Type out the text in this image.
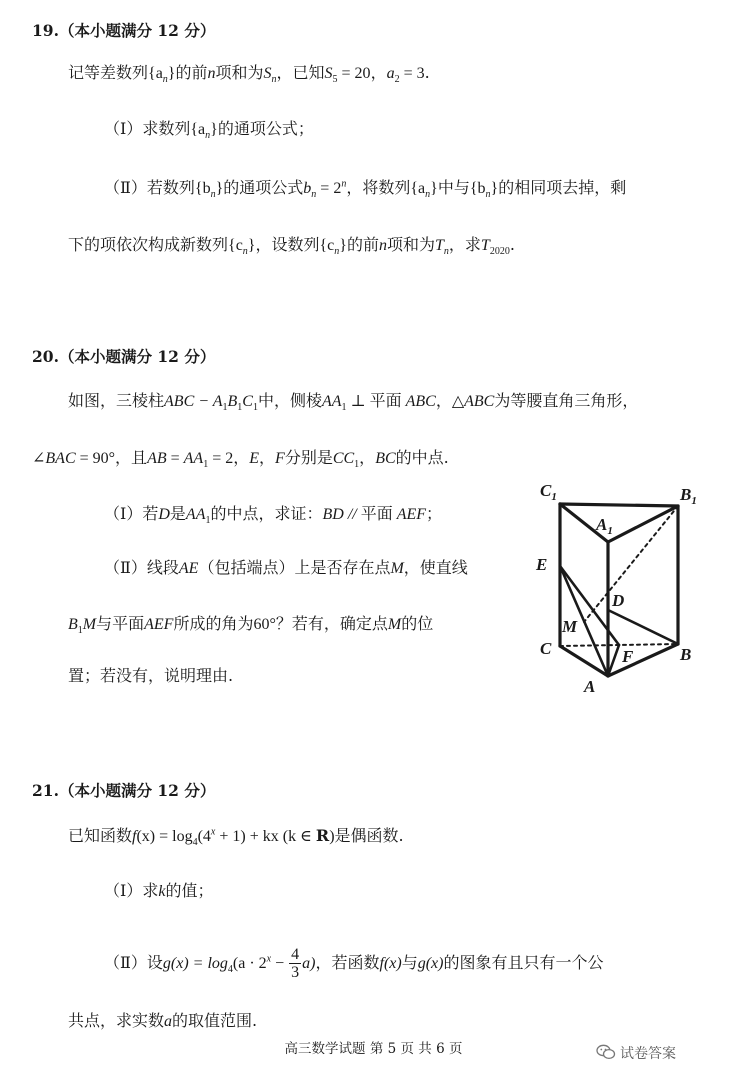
19.（本小题满分 12 分）
记等差数列$\{a_n\}$的前n项和为$S_n$，已知$S_5 = 20$，$a_2 = 3$.
（Ⅰ）求数列$\{a_n\}$的通项公式；
（Ⅱ）若数列$\{b_n\}$的通项公式$b_n = 2^n$，将数列$\{a_n\}$中与$\{b_n\}$的相同项去掉，剩
下的项依次构成新数列$\{c_n\}$，设数列$\{c_n\}$的前n项和为$T_n$，求$T_{2020}$.
20.（本小题满分 12 分）
如图，三棱柱ABC − $A_1B_1C_1$中，侧棱$AA_1$ ⊥ 平面 ABC，△ABC为等腰直角三角形，
∠BAC = 90°，且AB = $AA_1 = 2$，E，F分别是$CC_1$，BC的中点.
（Ⅰ）若D是$AA_1$的中点，求证：BD // 平面 AEF；
（Ⅱ）线段AE（包括端点）上是否存在点M，使直线
$B_1M$与平面AEF所成的角为60°？若有，确定点M的位
置；若没有，说明理由.
$C_1$	$B_1$
$A_1$
E
D
M
C	F	B
A
21.（本小题满分 12 分）
已知函数$f(x) = \log_4(4^x + 1)$ + kx (k ∈ R)是偶函数.
（Ⅰ）求k的值；
（Ⅱ）设$g(x) = \log_4(a \cdot 2^x - \frac{4}{3} a)$，若函数f(x)与g(x)的图象有且只有一个公
共点，求实数a的取值范围.
高三数学试题 第 5 页 共 6 页	试卷答案
